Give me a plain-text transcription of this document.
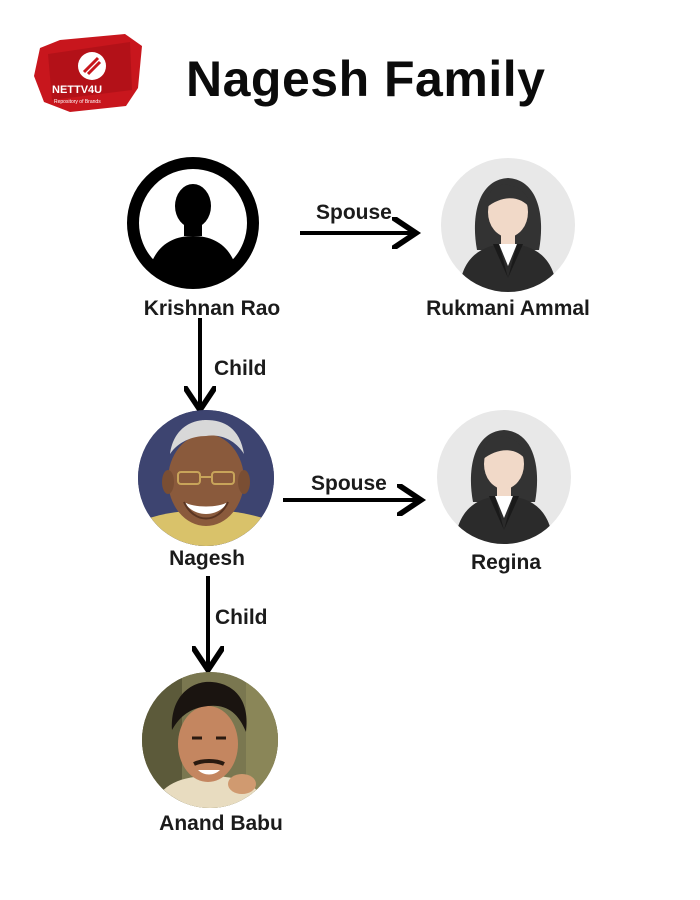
NETTV4U
Repository of Brands Nagesh Family
Spouse
Spouse
Child
Child
Krishnan Rao	Rukmani Ammal
Nagesh	Regina
Anand Babu
